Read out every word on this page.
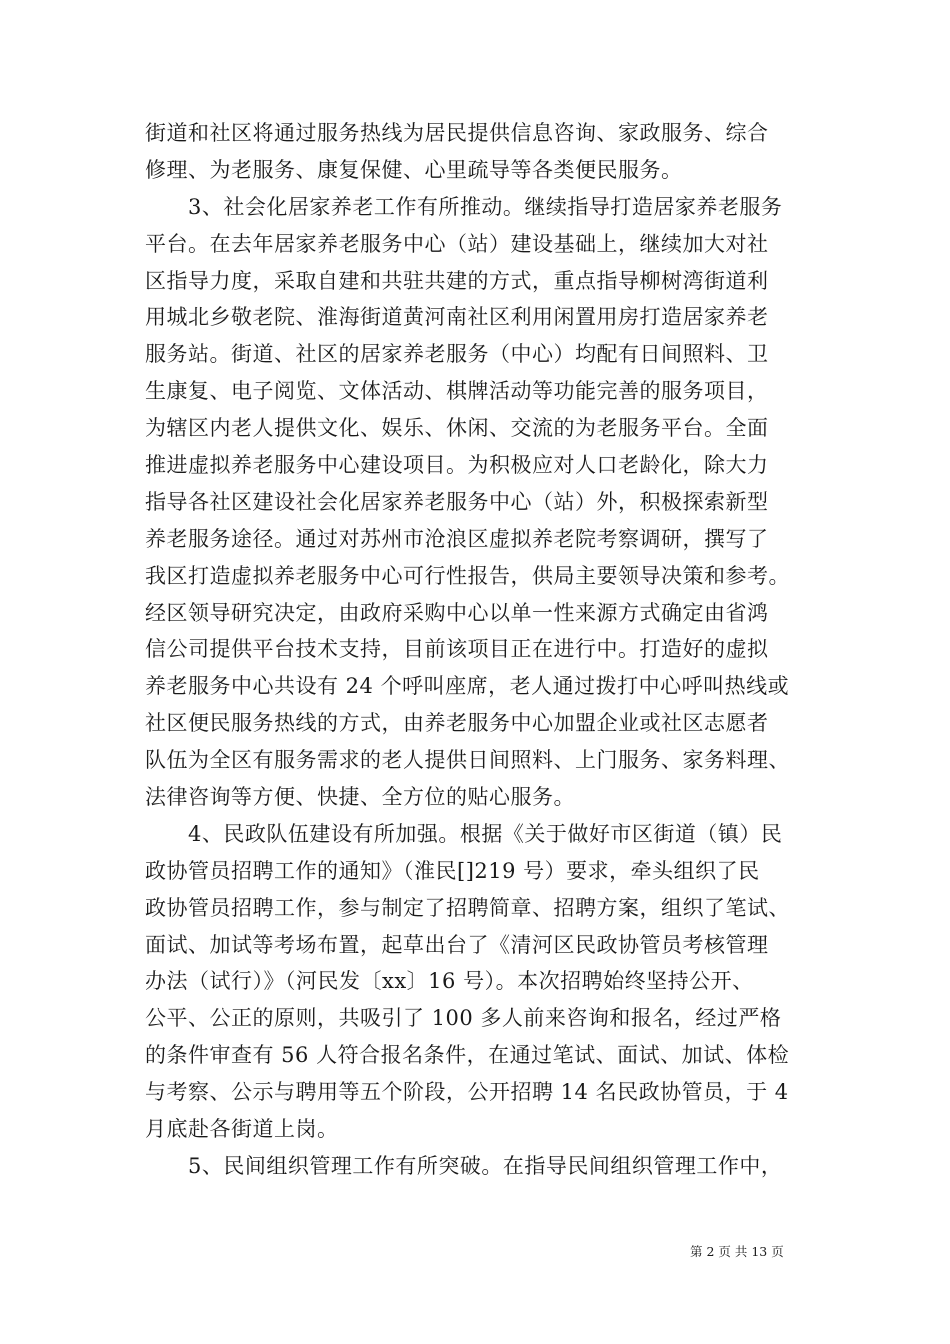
街道和社区将通过服务热线为居民提供信息咨询、家政服务、综合
修理、为老服务、康复保健、心里疏导等各类便民服务。
3、社会化居家养老工作有所推动。继续指导打造居家养老服务
平台。在去年居家养老服务中心（站）建设基础上，继续加大对社
区指导力度，采取自建和共驻共建的方式，重点指导柳树湾街道利
用城北乡敬老院、淮海街道黄河南社区利用闲置用房打造居家养老
服务站。街道、社区的居家养老服务（中心）均配有日间照料、卫
生康复、电子阅览、文体活动、棋牌活动等功能完善的服务项目，
为辖区内老人提供文化、娱乐、休闲、交流的为老服务平台。全面
推进虚拟养老服务中心建设项目。为积极应对人口老龄化，除大力
指导各社区建设社会化居家养老服务中心（站）外，积极探索新型
养老服务途径。通过对苏州市沧浪区虚拟养老院考察调研，撰写了
我区打造虚拟养老服务中心可行性报告，供局主要领导决策和参考。
经区领导研究决定，由政府采购中心以单一性来源方式确定由省鸿
信公司提供平台技术支持，目前该项目正在进行中。打造好的虚拟
养老服务中心共设有 24 个呼叫座席，老人通过拨打中心呼叫热线或
社区便民服务热线的方式，由养老服务中心加盟企业或社区志愿者
队伍为全区有服务需求的老人提供日间照料、上门服务、家务料理、
法律咨询等方便、快捷、全方位的贴心服务。
4、民政队伍建设有所加强。根据《关于做好市区街道（镇）民
政协管员招聘工作的通知》（淮民[]219 号）要求，牵头组织了民
政协管员招聘工作，参与制定了招聘简章、招聘方案，组织了笔试、
面试、加试等考场布置，起草出台了《清河区民政协管员考核管理
办法（试行）》（河民发〔xx〕16 号）。本次招聘始终坚持公开、
公平、公正的原则，共吸引了 100 多人前来咨询和报名，经过严格
的条件审查有 56 人符合报名条件，在通过笔试、面试、加试、体检
与考察、公示与聘用等五个阶段，公开招聘 14 名民政协管员，于 4
月底赴各街道上岗。
5、民间组织管理工作有所突破。在指导民间组织管理工作中，
第 2 页 共 13 页
